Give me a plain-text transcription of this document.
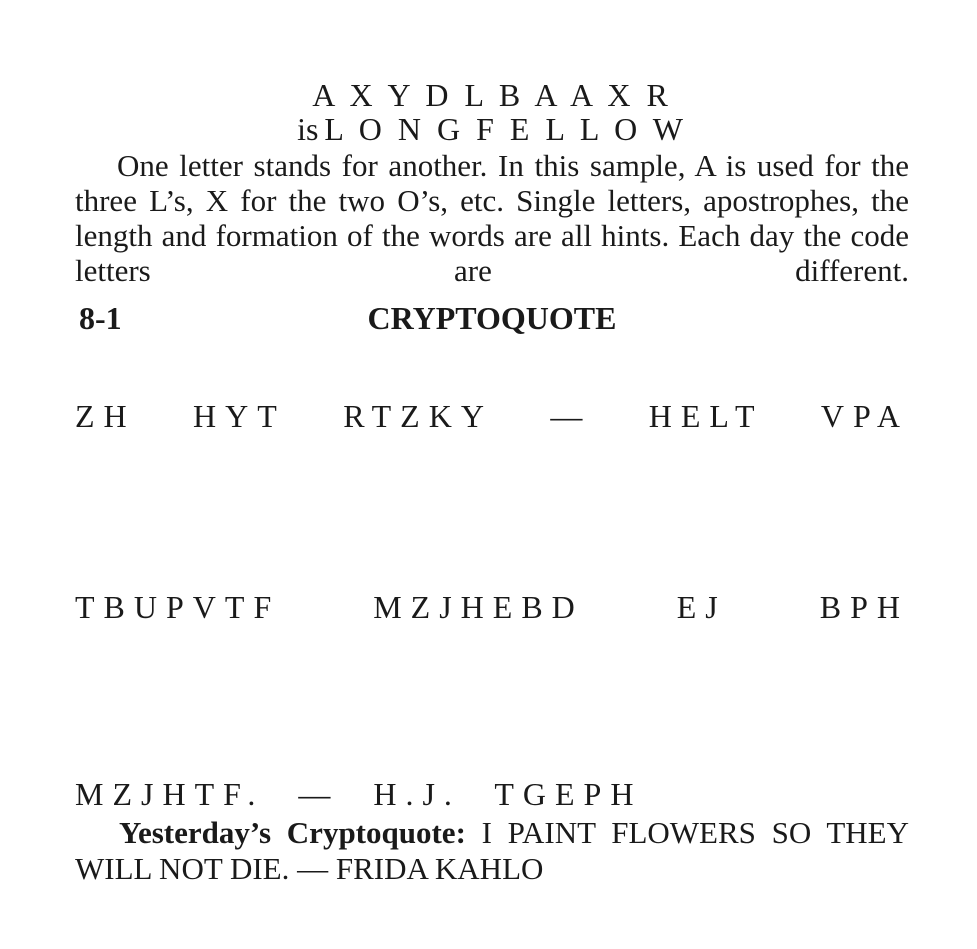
A X Y D L B A A X R
is L O N G F E L L O W
One letter stands for another. In this sample, A is used for the three L’s, X for the two O’s, etc. Single letters, apostrophes, the length and formation of the words are all hints. Each day the code letters are different.
8-1	CRYPTOQUOTE
ZH HYT RTZKY — HELT VPA
TBUPVTF	MZJHEBD	EJ	BPH
MZJHTF.  —  H.J.  TGEPH
Yesterday’s Cryptoquote: I PAINT FLOWERS SO THEY WILL NOT DIE. — FRIDA KAHLO
